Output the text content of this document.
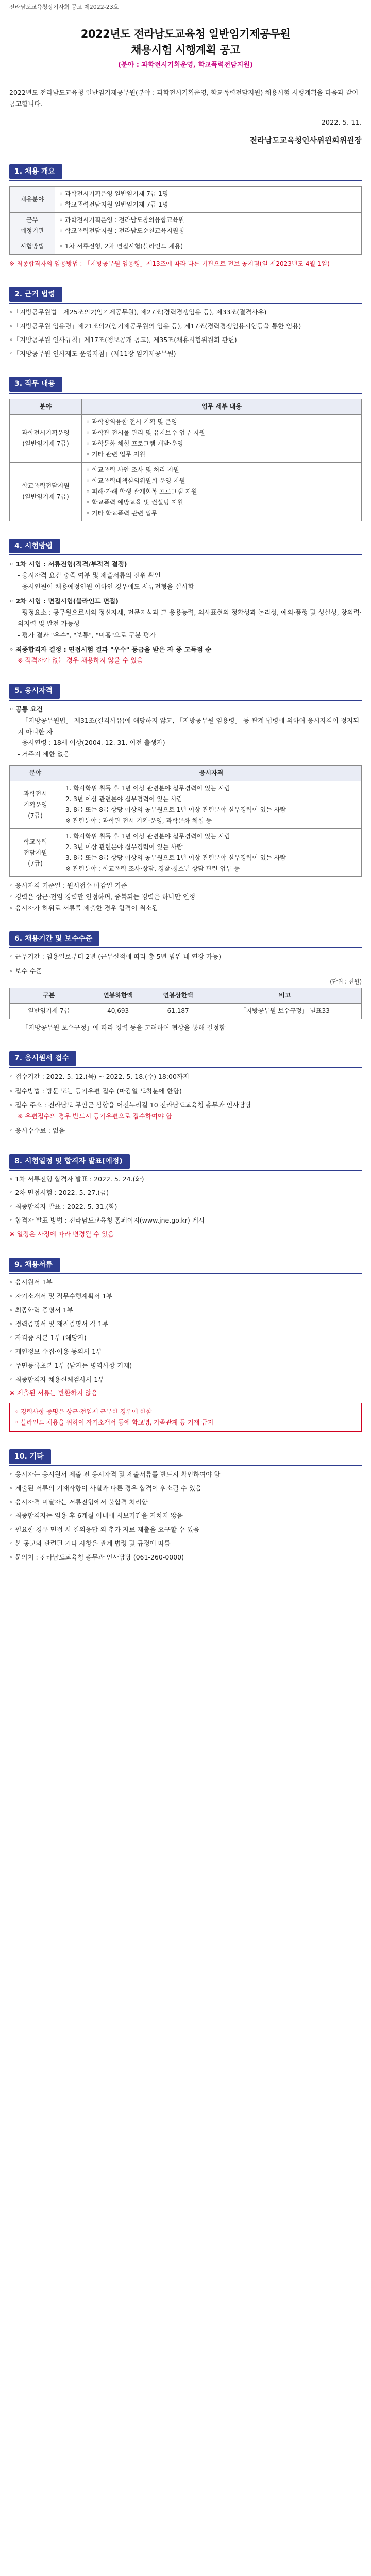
전라남도교육청장기사회 공고 제2022-23호
2022년도 전라남도교육청 일반임기제공무원
채용시험 시행계획 공고
(분야 : 과학전시기획운영, 학교폭력전담지원)

2022년도 전라남도교육청 일반임기제공무원(분야 : 과학전시기획운영, 학교폭력전담지원) 채용시험 시행계획을 다음과 같이 공고합니다.

2022. 5. 11.
전라남도교육청인사위원회위원장
1. 채용 개요
채용분야	◦ 과학전시기획운영 일반임기제 7급 1명
◦ 학교폭력전담지원 일반임기제 7급 1명
근무
예정기관	◦ 과학전시기획운영 : 전라남도창의융합교육원
◦ 학교폭력전담지원 : 전라남도순천교육지원청
시험방법	◦ 1차 서류전형, 2차 면접시험(블라인드 채용)
※ 최종합격자의 임용방법 : 「지방공무원 임용령」제13조에 따라 다른 기관으로 전보 공지됨(일 제2023년도 4월 1일)
2. 근거 법령
◦「지방공무원법」제25조의2(임기제공무원), 제27조(경력경쟁임용 등), 제33조(결격사유)
◦「지방공무원 임용령」제21조의2(임기제공무원의 임용 등), 제17조(경력경쟁임용시험등을 통한 임용)
◦「지방공무원 인사규칙」제17조(정보공개 공고), 제35조(채용시험위원회 관련)
◦「지방공무원 인사제도 운영지침」(제11장 임기제공무원)
3. 직무 내용
분야	업무 세부 내용
과학전시기획운영
(일반임기제 7급)	◦ 과학창의융합 전시 기획 및 운영
◦ 과학관 전시물 관리 및 유지보수 업무 지원
◦ 과학문화 체험 프로그램 개발·운영
◦ 기타 관련 업무 지원
학교폭력전담지원
(일반임기제 7급)	◦ 학교폭력 사안 조사 및 처리 지원
◦ 학교폭력대책심의위원회 운영 지원
◦ 피해·가해 학생 관계회복 프로그램 지원
◦ 학교폭력 예방교육 및 컨설팅 지원
◦ 기타 학교폭력 관련 업무
4. 시험방법
◦ 1차 시험 : 서류전형(적격/부적격 결정)
- 응시자격 요건 충족 여부 및 제출서류의 진위 확인
- 응시인원이 채용예정인원 이하인 경우에도 서류전형을 실시함
◦ 2차 시험 : 면접시험(블라인드 면접)
- 평정요소 : 공무원으로서의 정신자세, 전문지식과 그 응용능력, 의사표현의 정확성과 논리성, 예의·품행 및 성실성, 창의력·의지력 및 발전 가능성
- 평가 결과 "우수", "보통", "미흡"으로 구분 평가
◦ 최종합격자 결정 : 면접시험 결과 "우수" 등급을 받은 자 중 고득점 순
※ 적격자가 없는 경우 채용하지 않을 수 있음
5. 응시자격
◦ 공통 요건
- 「지방공무원법」 제31조(결격사유)에 해당하지 않고, 「지방공무원 임용령」 등 관계 법령에 의하여 응시자격이 정지되지 아니한 자
- 응시연령 : 18세 이상(2004. 12. 31. 이전 출생자)
- 거주지 제한 없음
분야	응시자격
과학전시
기획운영
(7급)	1. 학사학위 취득 후 1년 이상 관련분야 실무경력이 있는 사람
2. 3년 이상 관련분야 실무경력이 있는 사람
3. 8급 또는 8급 상당 이상의 공무원으로 1년 이상 관련분야 실무경력이 있는 사람
※ 관련분야 : 과학관 전시 기획·운영, 과학문화 체험 등
학교폭력
전담지원
(7급)	1. 학사학위 취득 후 1년 이상 관련분야 실무경력이 있는 사람
2. 3년 이상 관련분야 실무경력이 있는 사람
3. 8급 또는 8급 상당 이상의 공무원으로 1년 이상 관련분야 실무경력이 있는 사람
※ 관련분야 : 학교폭력 조사·상담, 경찰·청소년 상담 관련 업무 등
◦ 응시자격 기준일 : 원서접수 마감일 기준
◦ 경력은 상근·전임 경력만 인정하며, 중복되는 경력은 하나만 인정
◦ 응시자가 허위로 서류를 제출한 경우 합격이 취소됨
6. 채용기간 및 보수수준
◦ 근무기간 : 임용일로부터 2년 (근무실적에 따라 총 5년 범위 내 연장 가능)
◦ 보수 수준
(단위 : 천원)
구분	연봉하한액	연봉상한액	비고
일반임기제 7급	40,693	61,187	「지방공무원 보수규정」 별표33
- 「지방공무원 보수규정」에 따라 경력 등을 고려하여 협상을 통해 결정함
7. 응시원서 접수
◦ 접수기간 : 2022. 5. 12.(목) ~ 2022. 5. 18.(수) 18:00까지
◦ 접수방법 : 방문 또는 등기우편 접수 (마감일 도착분에 한함)
◦ 접수 주소 : 전라남도 무안군 삼향읍 어진누리길 10 전라남도교육청 총무과 인사담당
※ 우편접수의 경우 반드시 등기우편으로 접수하여야 함
◦ 응시수수료 : 없음
8. 시험일정 및 합격자 발표(예정)
◦ 1차 서류전형 합격자 발표 : 2022. 5. 24.(화)
◦ 2차 면접시험 : 2022. 5. 27.(금)
◦ 최종합격자 발표 : 2022. 5. 31.(화)
◦ 합격자 발표 방법 : 전라남도교육청 홈페이지(www.jne.go.kr) 게시
※ 일정은 사정에 따라 변경될 수 있음
9. 채용서류
◦ 응시원서 1부
◦ 자기소개서 및 직무수행계획서 1부
◦ 최종학력 증명서 1부
◦ 경력증명서 및 재직증명서 각 1부
◦ 자격증 사본 1부 (해당자)
◦ 개인정보 수집·이용 동의서 1부
◦ 주민등록초본 1부 (남자는 병역사항 기재)
◦ 최종합격자 채용신체검사서 1부
※ 제출된 서류는 반환하지 않음
◦ 경력사항 증명은 상근·전일제 근무한 경우에 한함
◦ 블라인드 채용을 위하여 자기소개서 등에 학교명, 가족관계 등 기재 금지
10. 기타
◦ 응시자는 응시원서 제출 전 응시자격 및 제출서류를 반드시 확인하여야 함
◦ 제출된 서류의 기재사항이 사실과 다른 경우 합격이 취소될 수 있음
◦ 응시자격 미달자는 서류전형에서 불합격 처리함
◦ 최종합격자는 임용 후 6개월 이내에 시보기간을 거치지 않음
◦ 필요한 경우 면접 시 질의응답 외 추가 자료 제출을 요구할 수 있음
◦ 본 공고와 관련된 기타 사항은 관계 법령 및 규정에 따름
◦ 문의처 : 전라남도교육청 총무과 인사담당 (061-260-0000)
